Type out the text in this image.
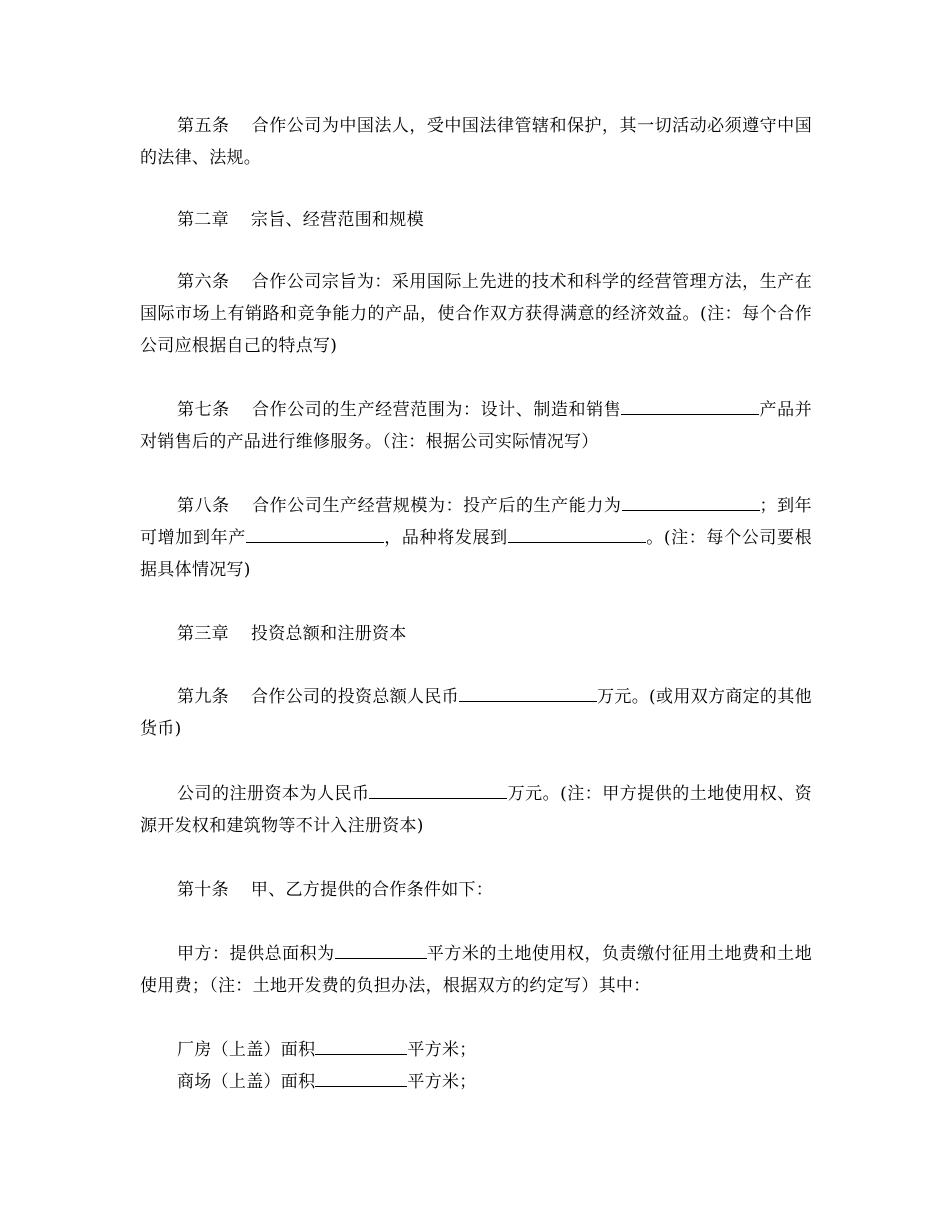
第五条 合作公司为中国法人，受中国法律管辖和保护，其一切活动必须遵守中国的法律、法规。

第二章 宗旨、经营范围和规模

第六条 合作公司宗旨为：采用国际上先进的技术和科学的经营管理方法，生产在国际市场上有销路和竞争能力的产品，使合作双方获得满意的经济效益。(注：每个合作公司应根据自己的特点写)

第七条 合作公司的生产经营范围为：设计、制造和销售	产品并对销售后的产品进行维修服务。（注：根据公司实际情况写）

第八条 合作公司生产经营规模为：投产后的生产能力为	；到年可增加到年产	，品种将发展到	。(注：每个公司要根据具体情况写)

第三章 投资总额和注册资本

第九条 合作公司的投资总额人民币	万元。(或用双方商定的其他货币)

公司的注册资本为人民币	万元。(注：甲方提供的土地使用权、资源开发权和建筑物等不计入注册资本)

第十条 甲、乙方提供的合作条件如下：

甲方：提供总面积为	平方米的土地使用权，负责缴付征用土地费和土地使用费；（注：土地开发费的负担办法，根据双方的约定写）其中：

厂房（上盖）面积	平方米；

商场（上盖）面积	平方米；
